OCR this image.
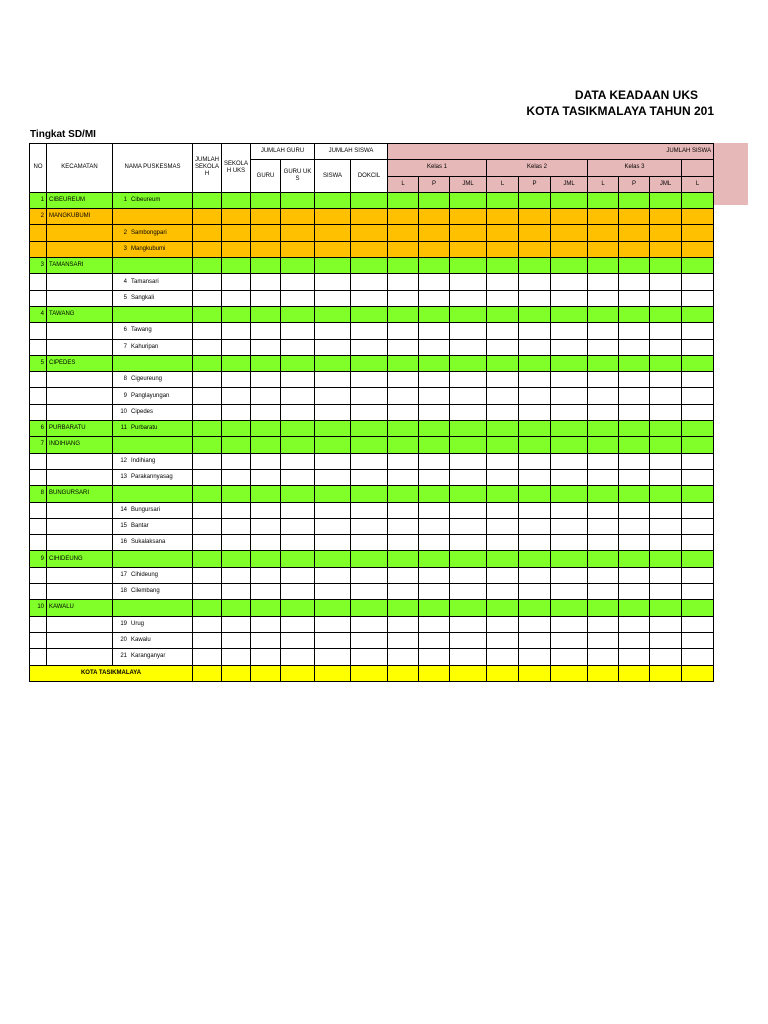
DATA KEADAAN UKS
KOTA TASIKMALAYA TAHUN 201
Tingkat SD/MI
NO	KECAMATAN	NAMA PUSKESMAS	JUMLAH SEKOLAH	SEKOLAH UKS	JUMLAH GURU		JUMLAH SISWA		JUMLAH SISWA									
					GURU	GURU UKS	SISWA	DOKCIL	Kelas 1			Kelas 2			Kelas 3			
									L	P	JML	L	P	JML	L	P	JML	L
1	CIBEUREUM	1 Cibeureum																
2	MANGKUBUMI																	
		2 Sambongpari																
		3 Mangkubumi																
3	TAMANSARI																	
		4 Tamansari																
		5 Sangkali																
4	TAWANG																	
		6 Tawang																
		7 Kahuripan																
5	CIPEDES																	
		8 Cigeureung																
		9 Panglayungan																
		10 Cipedes																
6	PURBARATU	11 Purbaratu																
7	INDIHIANG																	
		12 Indihiang																
		13 Parakannyasag																
8	BUNGURSARI																	
		14 Bungursari																
		15 Bantar																
		16 Sukalaksana																
9	CIHIDEUNG																	
		17 Cihideung																
		18 Cilembang																
10	KAWALU																	
		19 Urug																
		20 Kawalu																
		21 Karanganyar																
KOTA TASIKMALAYA																		
